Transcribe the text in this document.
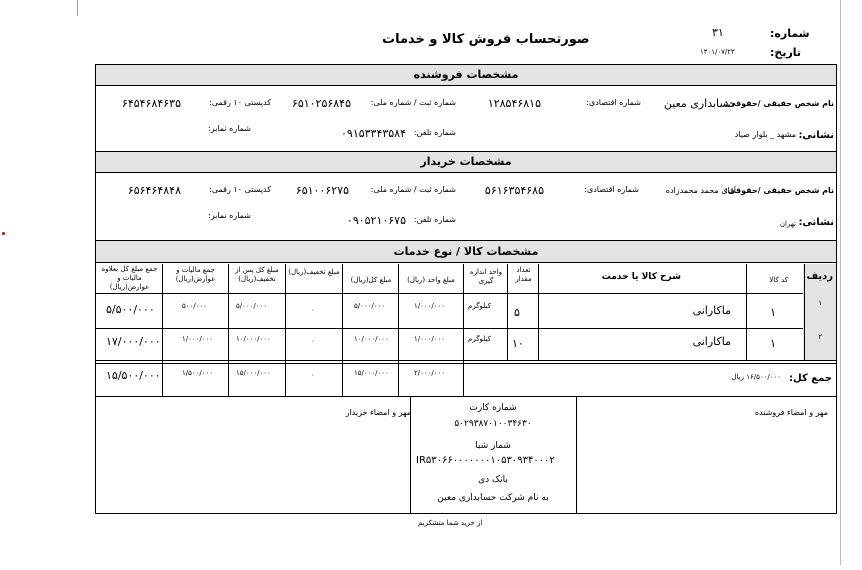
صورتحساب فروش کالا و خدمات	شماره:
۳۱
تاریخ:
۱۴۰۱/۰۷/۲۳
مشخصات فروشنده
نام شخص حقیقی /حقوقی:
حسابداری معین
شماره اقتصادی:
۱۲۸۵۴۶۸۱۵
شماره ثبت / شماره ملی:
۶۵۱۰۲۵۶۸۴۵
کدپستی ۱۰ رقمی:
۶۴۵۴۶۸۴۶۳۵
نشانی:
مشهد _ بلوار صیاد
شماره تلفن:
۰۹۱۵۳۳۴۳۵۸۴
شماره نمابر:
مشخصات خریدار
نام شخص حقیقی /حقوقی:
آقای محمد محمدزاده
شماره اقتصادی:
۵۶۱۶۳۵۴۶۸۵
شماره ثبت / شماره ملی:
۶۵۱۰۰۶۲۷۵
کدپستی ۱۰ رقمی:
۶۵۶۴۶۴۸۴۸
نشانی:
تهران
شماره تلفن:
۰۹۰۵۲۱۰۶۷۵
شماره نمابر:
مشخصات کالا / نوع خدمات
ردیف
کد کالا
شرح کالا یا خدمت
تعداد مقدار
واحد اندازه گیری
مبلغ واحد (ریال)
مبلغ کل(ریال)
مبلغ تخفیف(ریال)
مبلغ کل پس از تخفیف(ریال)
جمع مالیات و عوارض(ریال)
جمع مبلغ کل بعلاوه مالیات و عوارض(ریال)
۱
۱
ماکارانی
۵
کیلوگرم
۱/۰۰۰/۰۰۰
۵/۰۰۰/۰۰۰
۰
۵/۰۰۰/۰۰۰
۵۰۰/۰۰۰
۵/۵۰۰/۰۰۰
۲
۱
ماکارانی
۱۰
کیلوگرم
۱/۰۰۰/۰۰۰
۱۰/۰۰۰/۰۰۰
۰
۱۰/۰۰۰/۰۰۰
۱/۰۰۰/۰۰۰
۱۷/۰۰۰/۰۰۰
جمع کل:
۱۶/۵۰۰/۰۰۰ ریال
۲/۰۰۰/۰۰۰
۱۵/۰۰۰/۰۰۰
۰
۱۵/۰۰۰/۰۰۰
۱/۵۰۰/۰۰۰
۱۵/۵۰۰/۰۰۰
مهر و امضاء فروشنده
مهر و امضاء خریدار	شماره کارت
۵۰۲۹۳۸۷۰۱۰۰۳۴۶۳۰
شمار شبا
IR۵۳۰۶۶۰۰۰۰۰۰۰۱۰۵۳۰۹۳۴۰۰۰۲
بانک دی
به نام شرکت حسابداری معین
از خرید شما متشکریم
